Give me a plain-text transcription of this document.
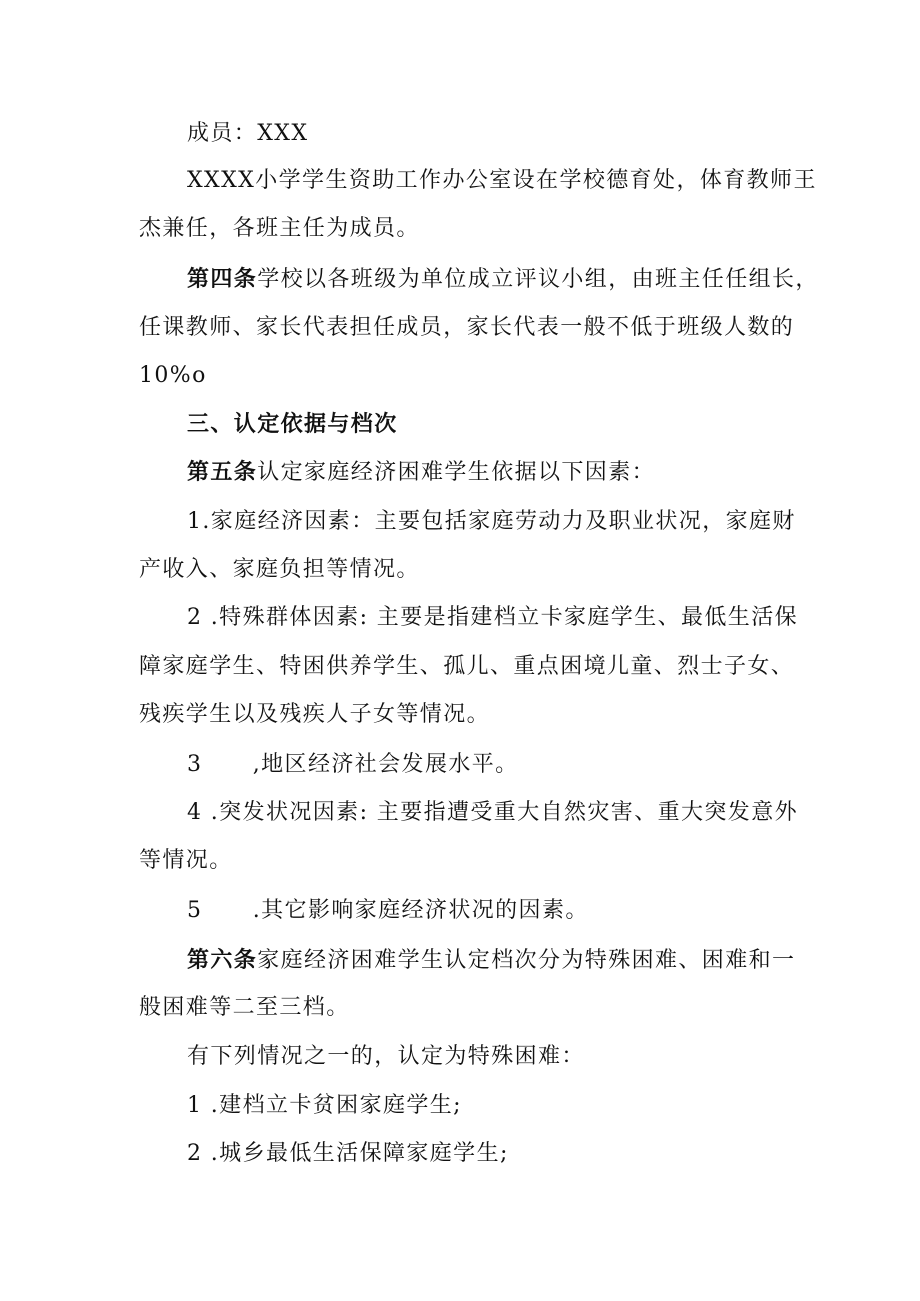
成员：XXX
XXXX小学学生资助工作办公室设在学校德育处，体育教师王
杰兼任，各班主任为成员。
第四条学校以各班级为单位成立评议小组，由班主任任组长，
任课教师、家长代表担任成员，家长代表一般不低于班级人数的
10%o
三、认定依据与档次
第五条认定家庭经济困难学生依据以下因素：
1.家庭经济因素：主要包括家庭劳动力及职业状况，家庭财
产收入、家庭负担等情况。
2 .特殊群体因素: 主要是指建档立卡家庭学生、最低生活保
障家庭学生、特困供养学生、孤儿、重点困境儿童、烈士子女、
残疾学生以及残疾人子女等情况。
3      ,地区经济社会发展水平。
4 .突发状况因素: 主要指遭受重大自然灾害、重大突发意外
等情况。
5      .其它影响家庭经济状况的因素。
第六条家庭经济困难学生认定档次分为特殊困难、困难和一
般困难等二至三档。
有下列情况之一的，认定为特殊困难：
1 .建档立卡贫困家庭学生;
2 .城乡最低生活保障家庭学生;
